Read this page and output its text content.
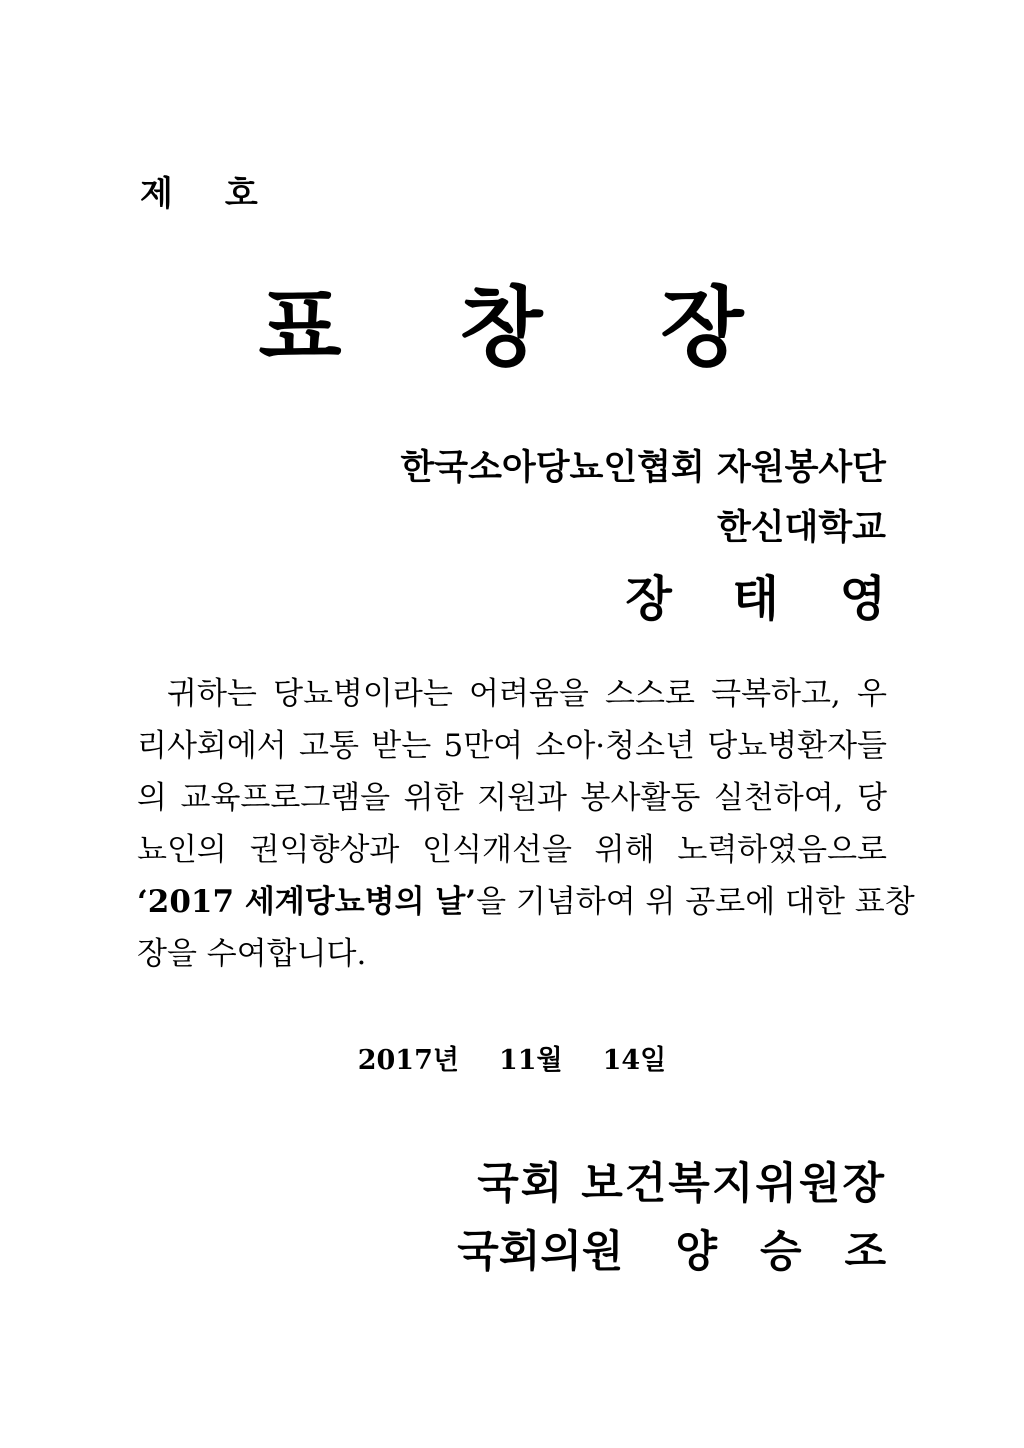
제 호
표 창 장
한국소아당뇨인협회 자원봉사단
한신대학교
장 태 영
귀하는 당뇨병이라는 어려움을 스스로 극복하고, 우
리사회에서 고통 받는 5만여 소아·청소년 당뇨병환자들
의 교육프로그램을 위한 지원과 봉사활동 실천하여, 당
뇨인의 권익향상과 인식개선을 위해 노력하였음으로
‘2017 세계당뇨병의 날’을 기념하여 위 공로에 대한 표창
장을 수여합니다.
2017년 11월 14일
국회 보건복지위원장
국회의원 양 승 조
